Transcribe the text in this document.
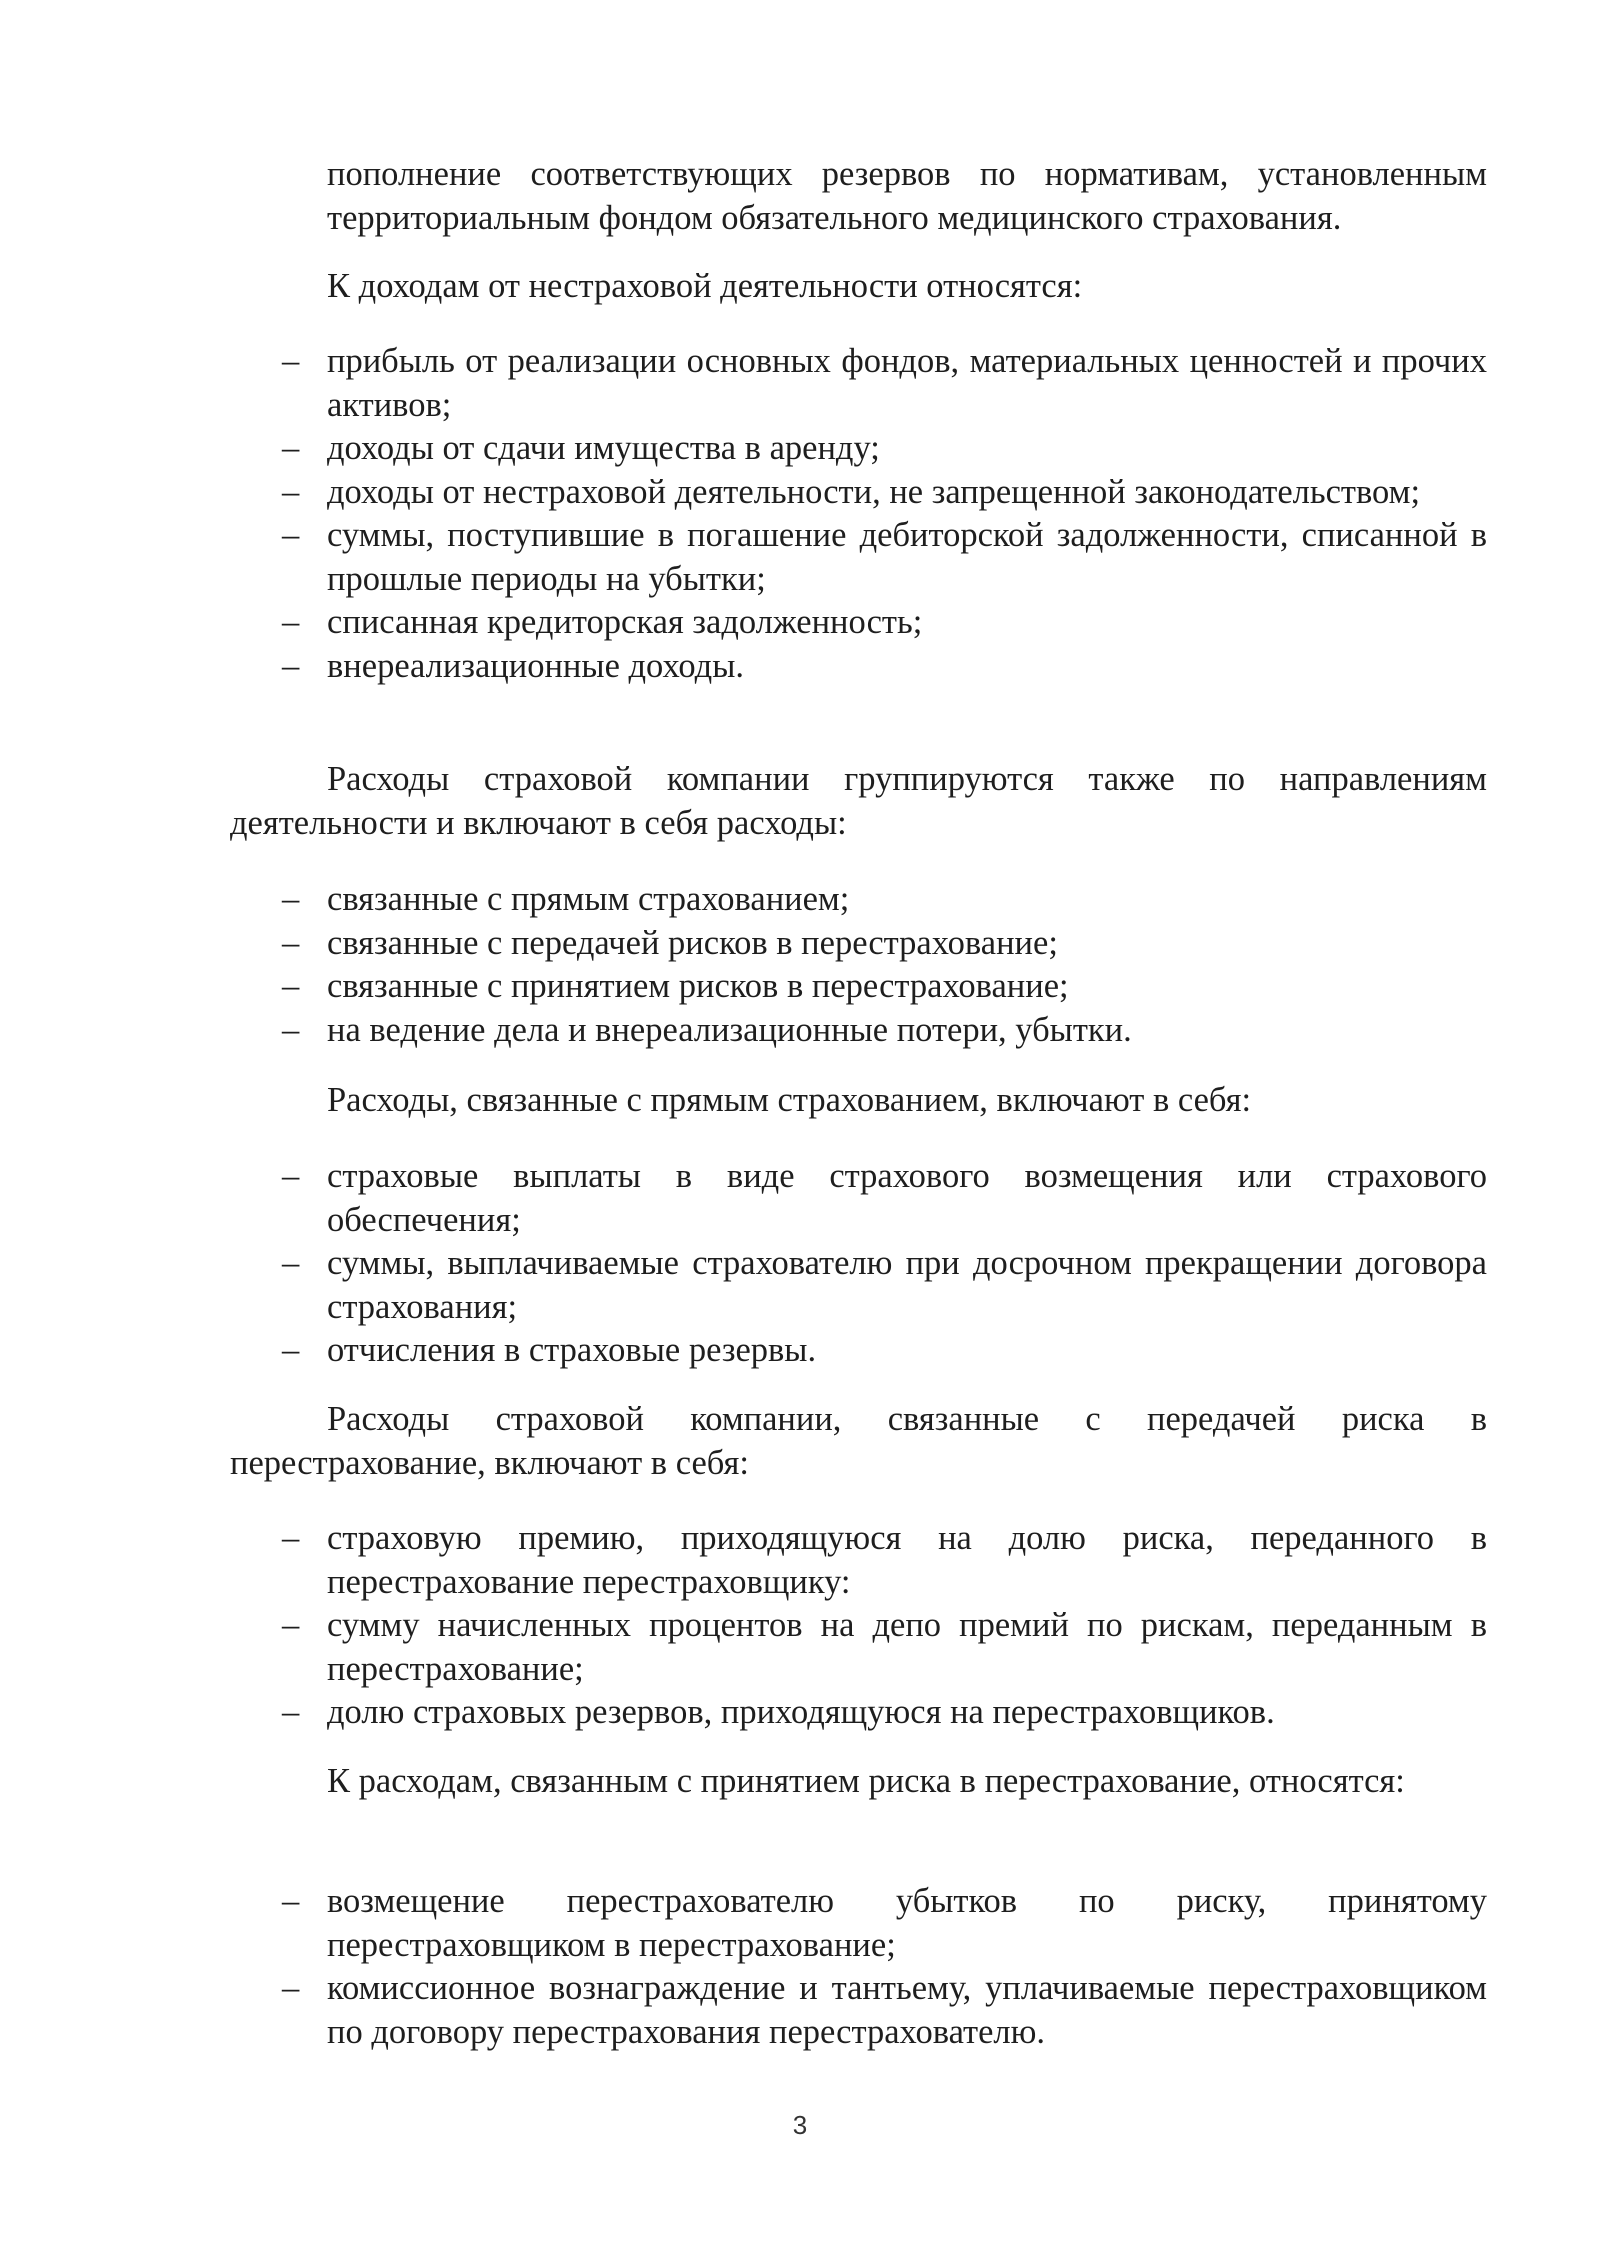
пополнение соответствующих резервов по нормативам, установленным территориальным фондом обязательного медицинского страхования.

К доходам от нестраховой деятельности относятся:

– прибыль от реализации основных фондов, материальных ценностей и прочих активов;
– доходы от сдачи имущества в аренду;
– доходы от нестраховой деятельности, не запрещенной законодательством;
– суммы, поступившие в погашение дебиторской задолженности, списанной в прошлые периоды на убытки;
– списанная кредиторская задолженность;
– внереализационные доходы.

Расходы страховой компании группируются также по направлениям деятельности и включают в себя расходы:

– связанные с прямым страхованием;
– связанные с передачей рисков в перестрахование;
– связанные с принятием рисков в перестрахование;
– на ведение дела и внереализационные потери, убытки.

Расходы, связанные с прямым страхованием, включают в себя:

– страховые выплаты в виде страхового возмещения или страхового обеспечения;
– суммы, выплачиваемые страхователю при досрочном прекращении договора страхования;
– отчисления в страховые резервы.

Расходы страховой компании, связанные с передачей риска в перестрахование, включают в себя:

– страховую премию, приходящуюся на долю риска, переданного в перестрахование перестраховщику:
– сумму начисленных процентов на депо премий по рискам, переданным в перестрахование;
– долю страховых резервов, приходящуюся на перестраховщиков.

К расходам, связанным с принятием риска в перестрахование, относятся:

– возмещение перестрахователю убытков по риску, принятому перестраховщиком в перестрахование;
– комиссионное вознаграждение и тантьему, уплачиваемые перестраховщиком по договору перестрахования перестрахователю.
3
